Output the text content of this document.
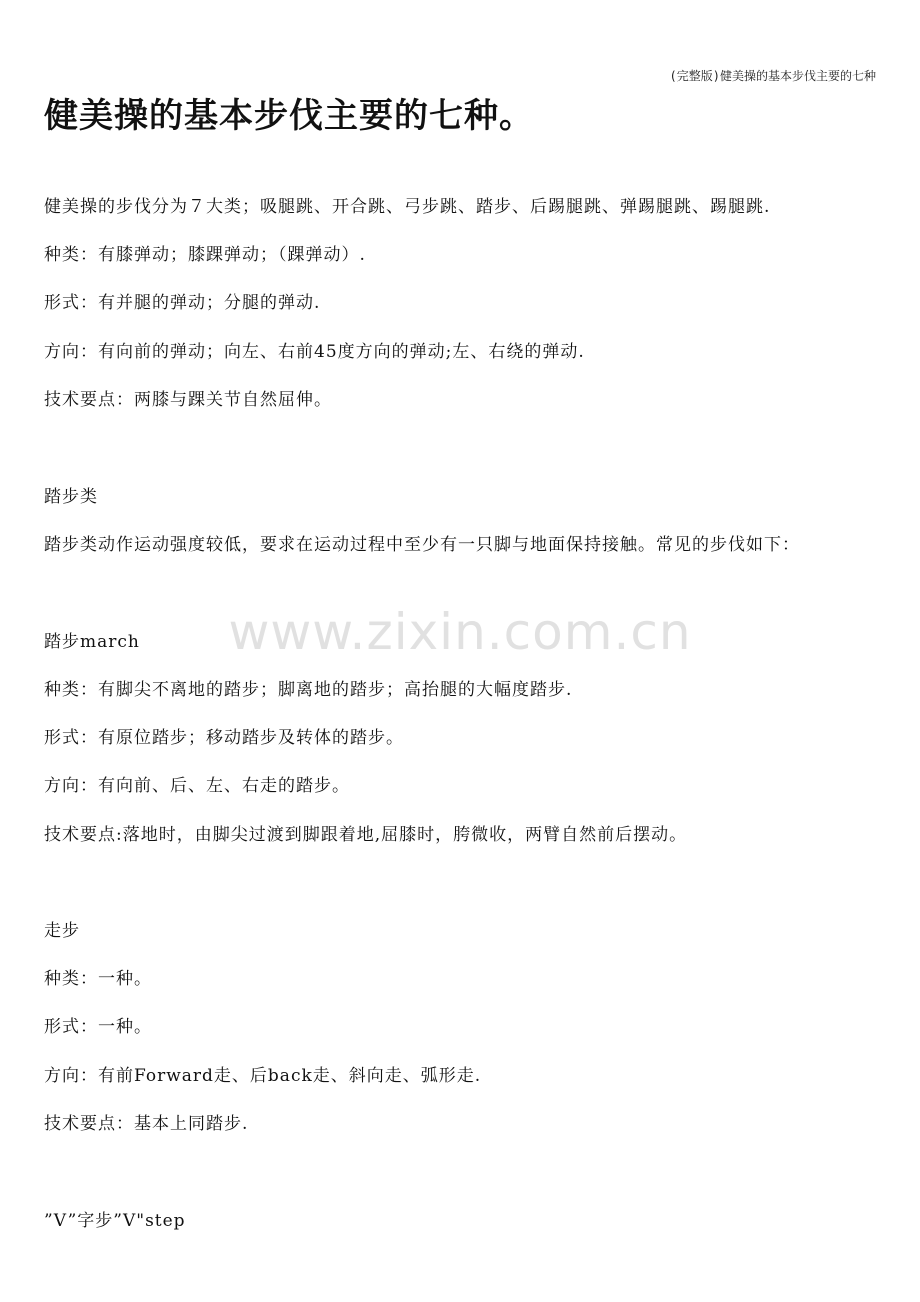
(完整版)健美操的基本步伐主要的七种
健美操的基本步伐主要的七种。
www.zixin.com.cn
健美操的步伐分为７大类；吸腿跳、开合跳、弓步跳、踏步、后踢腿跳、弹踢腿跳、踢腿跳.
种类：有膝弹动；膝踝弹动；（踝弹动）.
形式：有并腿的弹动；分腿的弹动.
方向：有向前的弹动；向左、右前45度方向的弹动;左、右绕的弹动.
技术要点：两膝与踝关节自然屈伸。
踏步类
踏步类动作运动强度较低，要求在运动过程中至少有一只脚与地面保持接触。常见的步伐如下：
踏步march
种类：有脚尖不离地的踏步；脚离地的踏步；高抬腿的大幅度踏步.
形式：有原位踏步；移动踏步及转体的踏步。
方向：有向前、后、左、右走的踏步。
技术要点:落地时，由脚尖过渡到脚跟着地,屈膝时，胯微收，两臂自然前后摆动。
走步
种类：一种。
形式：一种。
方向：有前Forward走、后back走、斜向走、弧形走.
技术要点：基本上同踏步.
”V”字步”V"step
